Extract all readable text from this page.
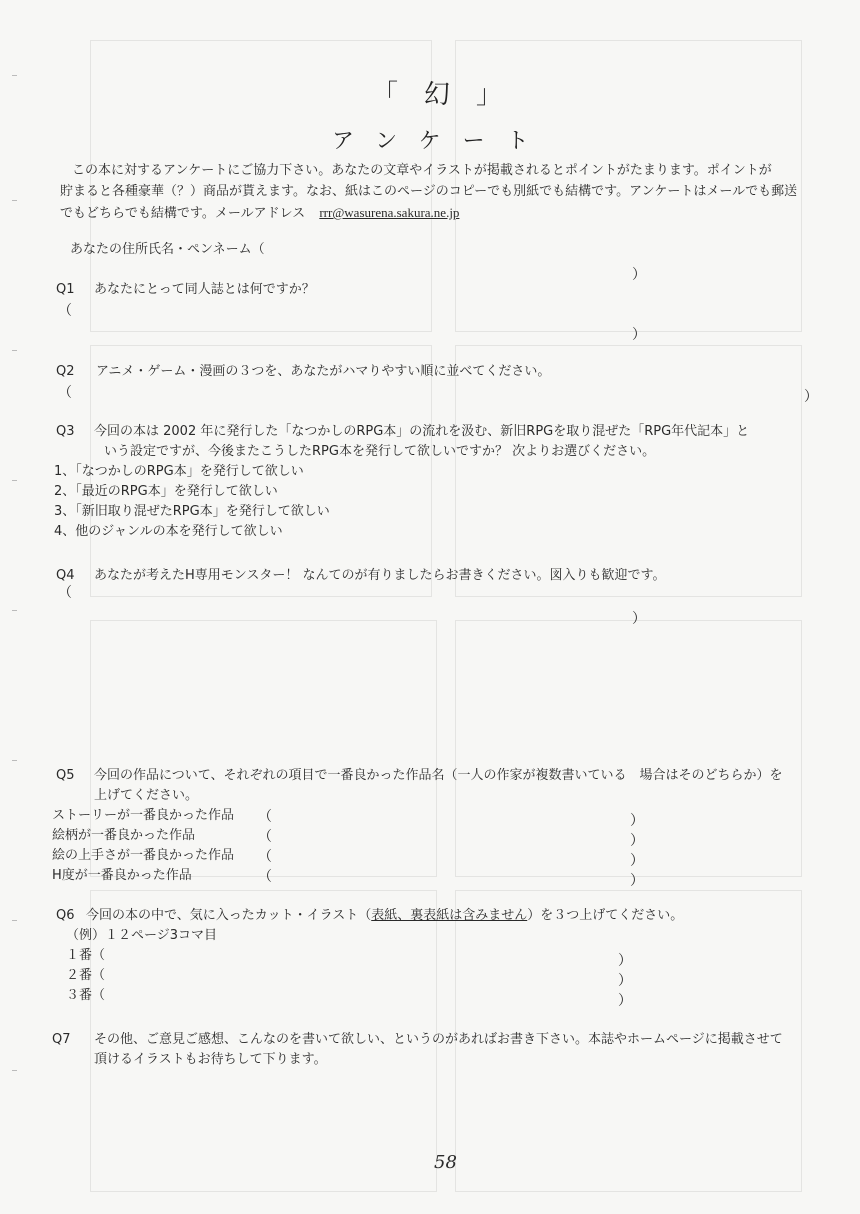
「　幻　」
アンケート
この本に対するアンケートにご協力下さい。あなたの文章やイラストが掲載されるとポイントがたまります。ポイントが
貯まると各種豪華（？）商品が貰えます。なお、紙はこのページのコピーでも別紙でも結構です。アンケートはメールでも郵送
でもどちらでも結構です。メールアドレス rrr@wasurena.sakura.ne.jp
あなたの住所氏名・ペンネーム（
）
Q1 あなたにとって同人誌とは何ですか？
（
）
Q2 アニメ・ゲーム・漫画の３つを、あなたがハマりやすい順に並べてください。
（	）
Q3 今回の本は 2002 年に発行した「なつかしのRPG本」の流れを汲む、新旧RPGを取り混ぜた「RPG年代記本」と
いう設定ですが、今後またこうしたRPG本を発行して欲しいですか？ 次よりお選びください。
1、「なつかしのRPG本」を発行して欲しい
2、「最近のRPG本」を発行して欲しい
3、「新旧取り混ぜたRPG本」を発行して欲しい
4、他のジャンルの本を発行して欲しい
Q4 あなたが考えたH専用モンスター！ なんてのが有りましたらお書きください。図入りも歓迎です。
（
）
Q5 今回の作品について、それぞれの項目で一番良かった作品名（一人の作家が複数書いている　場合はそのどちらか）を
上げてください。
ストーリーが一番良かった作品 （	）
絵柄が一番良かった作品	（	）
絵の上手さが一番良かった作品 （	）
H度が一番良かった作品	（	）
Q6 今回の本の中で、気に入ったカット・イラスト（表紙、裏表紙は含みません）を３つ上げてください。
（例）１２ページ3コマ目
１番（	）
２番（	）
３番（	）
Q7 その他、ご意見ご感想、こんなのを書いて欲しい、というのがあればお書き下さい。本誌やホームページに掲載させて
頂けるイラストもお待ちして下ります。
58
